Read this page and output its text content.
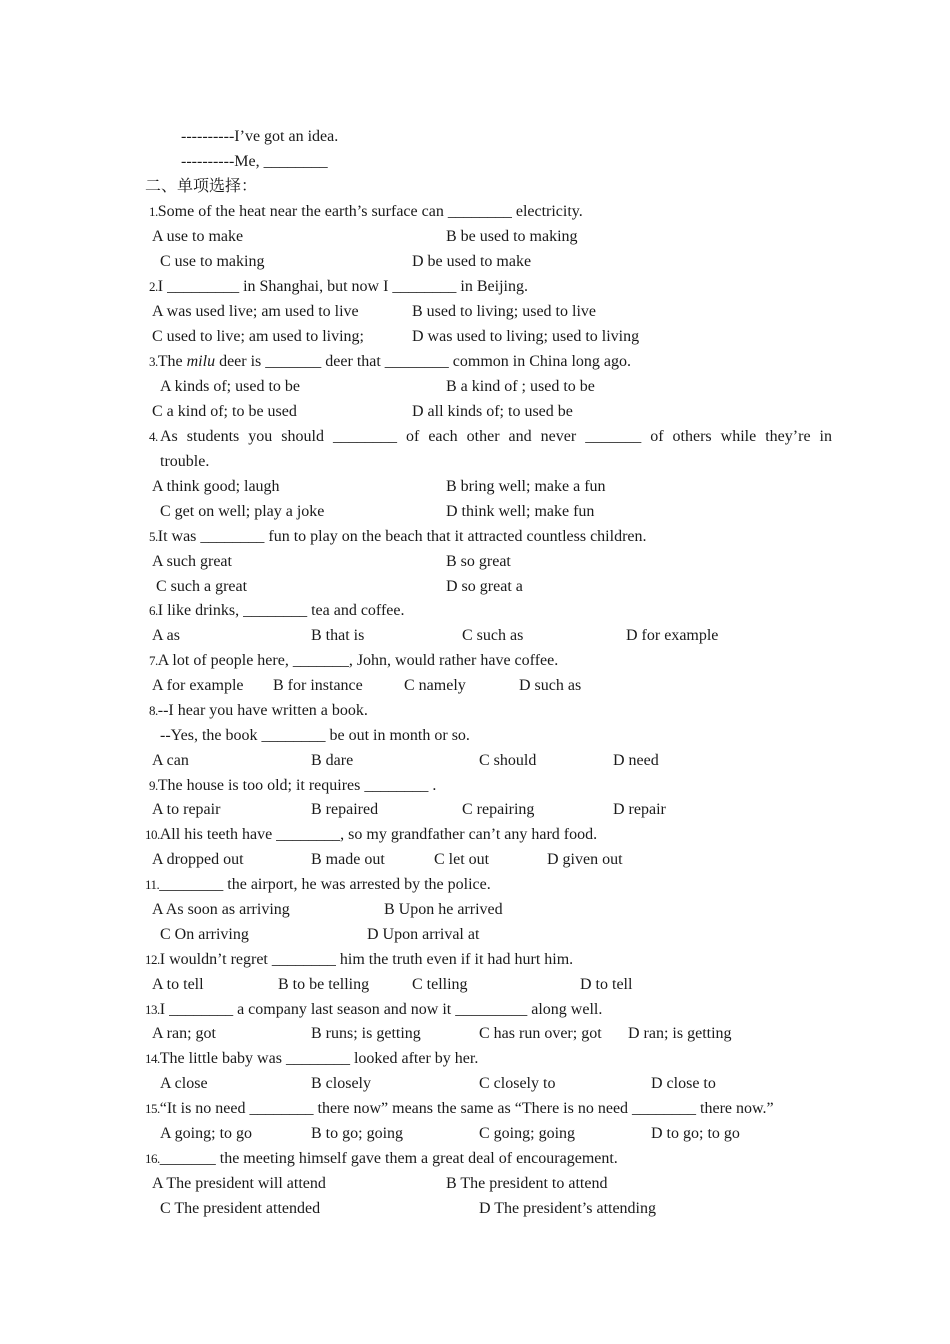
----------I’ve got an idea.
----------Me, ________
二、单项选择：
1.Some of the heat near the earth’s surface can ________ electricity.
A use to make	B be used to making
C use to making	D be used to make
2.I _________ in Shanghai, but now I ________ in Beijing.
A was used live; am used to live	B used to living; used to live
C used to live; am used to living;	D was used to living; used to living
3.The milu deer is _______ deer that ________ common in China long ago.
A kinds of; used to be	B a kind of ; used to be
C a kind of; to be used	D all kinds of; to used be
4. As students you should ________ of each other and never _______ of others while they’re in
trouble.
A think good; laugh	B bring well; make a fun
C get on well; play a joke	D think well; make fun
5.It was ________ fun to play on the beach that it attracted countless children.
A such great	B so great
C such a great	D so great a
6.I like drinks, ________ tea and coffee.
A as	B that is	C such as	D for example
7.A lot of people here, _______, John, would rather have coffee.
A for example B for instance	C namely	D such as
8.--I hear you have written a book.
--Yes, the book ________ be out in month or so.
A can	B dare	C should	D need
9.The house is too old; it requires ________ .
A to repair	B repaired	C repairing	D repair
10.All his teeth have ________, so my grandfather can’t any hard food.
A dropped out	B made out	C let out	D given out
11.________ the airport, he was arrested by the police.
A As soon as arriving	B Upon he arrived
C On arriving	D Upon arrival at
12.I wouldn’t regret ________ him the truth even if it had hurt him.
A to tell	B to be telling	C telling	D to tell
13.I ________ a company last season and now it _________ along well.
A ran; got	B runs; is getting	C has run over; got D ran; is getting
14.The little baby was ________ looked after by her.
A close	B closely	C closely to	D close to
15.“It is no need ________ there now” means the same as “There is no need ________ there now.”
A going; to go	B to go; going	C going; going	D to go; to go
16._______ the meeting himself gave them a great deal of encouragement.
A The president will attend	B The president to attend
C The president attended	D The president’s attending
